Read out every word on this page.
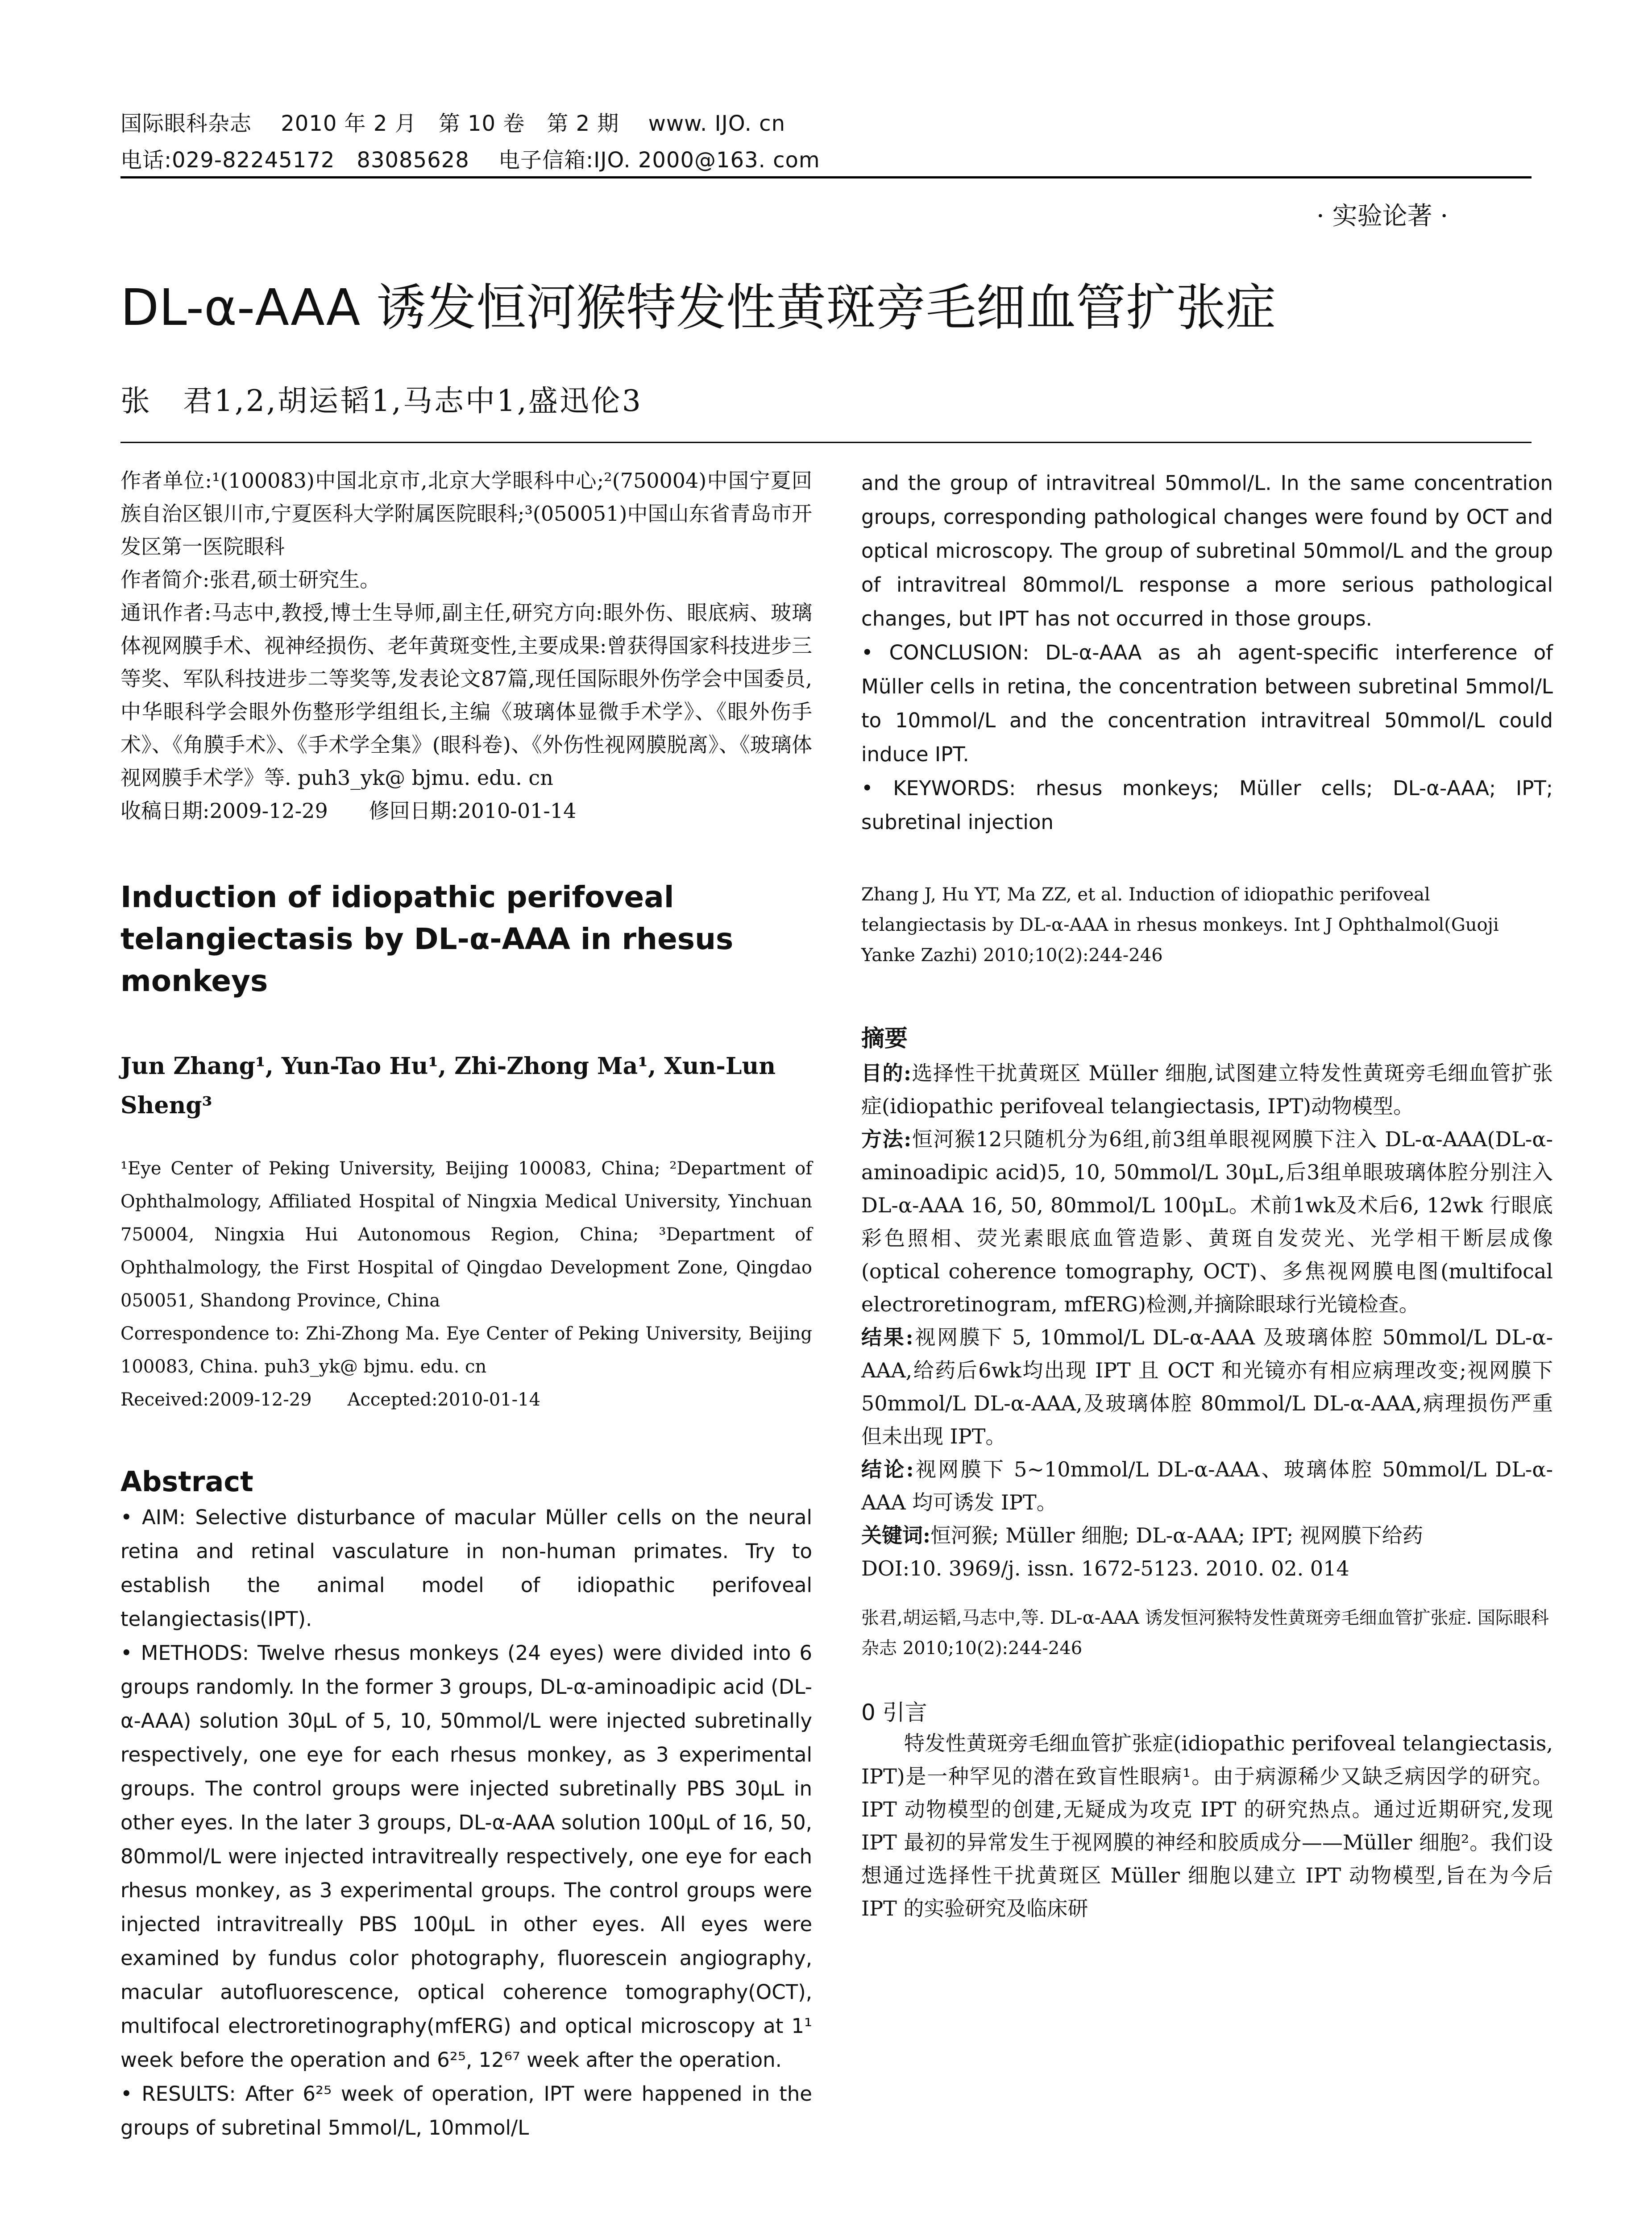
国际眼科杂志　 2010 年 2 月　第 10 卷　第 2 期　 www. IJO. cn
电话:029-82245172　83085628　 电子信箱:IJO. 2000@163. com
· 实验论著 ·
DL-α-AAA 诱发恒河猴特发性黄斑旁毛细血管扩张症
张　君1,2,胡运韬1,马志中1,盛迅伦3

作者单位:¹(100083)中国北京市,北京大学眼科中心;²(750004)中国宁夏回族自治区银川市,宁夏医科大学附属医院眼科;³(050051)中国山东省青岛市开发区第一医院眼科

作者简介:张君,硕士研究生。

通讯作者:马志中,教授,博士生导师,副主任,研究方向:眼外伤、眼底病、玻璃体视网膜手术、视神经损伤、老年黄斑变性,主要成果:曾获得国家科技进步三等奖、军队科技进步二等奖等,发表论文87篇,现任国际眼外伤学会中国委员,中华眼科学会眼外伤整形学组组长,主编《玻璃体显微手术学》、《眼外伤手术》、《角膜手术》、《手术学全集》(眼科卷)、《外伤性视网膜脱离》、《玻璃体视网膜手术学》等. puh3_yk@ bjmu. edu. cn

收稿日期:2009-12-29　　修回日期:2010-01-14

Induction of idiopathic perifoveal telangiectasis by DL-α-AAA in rhesus monkeys
Jun Zhang¹, Yun-Tao Hu¹, Zhi-Zhong Ma¹, Xun-Lun Sheng³

¹Eye Center of Peking University, Beijing 100083, China; ²Department of Ophthalmology, Affiliated Hospital of Ningxia Medical University, Yinchuan 750004, Ningxia Hui Autonomous Region, China; ³Department of Ophthalmology, the First Hospital of Qingdao Development Zone, Qingdao 050051, Shandong Province, China

Correspondence to: Zhi-Zhong Ma. Eye Center of Peking University, Beijing 100083, China. puh3_yk@ bjmu. edu. cn

Received:2009-12-29　　Accepted:2010-01-14

Abstract

• AIM: Selective disturbance of macular Müller cells on the neural retina and retinal vasculature in non-human primates. Try to establish the animal model of idiopathic perifoveal telangiectasis(IPT).

• METHODS: Twelve rhesus monkeys (24 eyes) were divided into 6 groups randomly. In the former 3 groups, DL-α-aminoadipic acid (DL-α-AAA) solution 30μL of 5, 10, 50mmol/L were injected subretinally respectively, one eye for each rhesus monkey, as 3 experimental groups. The control groups were injected subretinally PBS 30μL in other eyes. In the later 3 groups, DL-α-AAA solution 100μL of 16, 50, 80mmol/L were injected intravitreally respectively, one eye for each rhesus monkey, as 3 experimental groups. The control groups were injected intravitreally PBS 100μL in other eyes. All eyes were examined by fundus color photography, fluorescein angiography, macular autofluorescence, optical coherence tomography(OCT), multifocal electroretinography(mfERG) and optical microscopy at 1¹ week before the operation and 6²⁵, 12⁶⁷ week after the operation.

• RESULTS: After 6²⁵ week of operation, IPT were happened in the groups of subretinal 5mmol/L, 10mmol/L

and the group of intravitreal 50mmol/L. In the same concentration groups, corresponding pathological changes were found by OCT and optical microscopy. The group of subretinal 50mmol/L and the group of intravitreal 80mmol/L response a more serious pathological changes, but IPT has not occurred in those groups.

• CONCLUSION: DL-α-AAA as ah agent-specific interference of Müller cells in retina, the concentration between subretinal 5mmol/L to 10mmol/L and the concentration intravitreal 50mmol/L could induce IPT.

• KEYWORDS: rhesus monkeys; Müller cells; DL-α-AAA; IPT; subretinal injection

Zhang J, Hu YT, Ma ZZ, et al. Induction of idiopathic perifoveal telangiectasis by DL-α-AAA in rhesus monkeys. Int J Ophthalmol(Guoji Yanke Zazhi) 2010;10(2):244-246
摘要

目的:选择性干扰黄斑区 Müller 细胞,试图建立特发性黄斑旁毛细血管扩张症(idiopathic perifoveal telangiectasis, IPT)动物模型。

方法:恒河猴12只随机分为6组,前3组单眼视网膜下注入 DL-α-AAA(DL-α-aminoadipic acid)5, 10, 50mmol/L 30μL,后3组单眼玻璃体腔分别注入 DL-α-AAA 16, 50, 80mmol/L 100μL。术前1wk及术后6, 12wk 行眼底彩色照相、荧光素眼底血管造影、黄斑自发荧光、光学相干断层成像(optical coherence tomography, OCT)、多焦视网膜电图(multifocal electroretinogram, mfERG)检测,并摘除眼球行光镜检查。

结果:视网膜下 5, 10mmol/L DL-α-AAA 及玻璃体腔 50mmol/L DL-α-AAA,给药后6wk均出现 IPT 且 OCT 和光镜亦有相应病理改变;视网膜下 50mmol/L DL-α-AAA,及玻璃体腔 80mmol/L DL-α-AAA,病理损伤严重但未出现 IPT。

结论:视网膜下 5~10mmol/L DL-α-AAA、玻璃体腔 50mmol/L DL-α-AAA 均可诱发 IPT。

关键词:恒河猴; Müller 细胞; DL-α-AAA; IPT; 视网膜下给药

DOI:10. 3969/j. issn. 1672-5123. 2010. 02. 014

张君,胡运韬,马志中,等. DL-α-AAA 诱发恒河猴特发性黄斑旁毛细血管扩张症. 国际眼科杂志 2010;10(2):244-246
0 引言

特发性黄斑旁毛细血管扩张症(idiopathic perifoveal telangiectasis, IPT)是一种罕见的潜在致盲性眼病¹。由于病源稀少又缺乏病因学的研究。IPT 动物模型的创建,无疑成为攻克 IPT 的研究热点。通过近期研究,发现 IPT 最初的异常发生于视网膜的神经和胶质成分——Müller 细胞²。我们设想通过选择性干扰黄斑区 Müller 细胞以建立 IPT 动物模型,旨在为今后 IPT 的实验研究及临床研
